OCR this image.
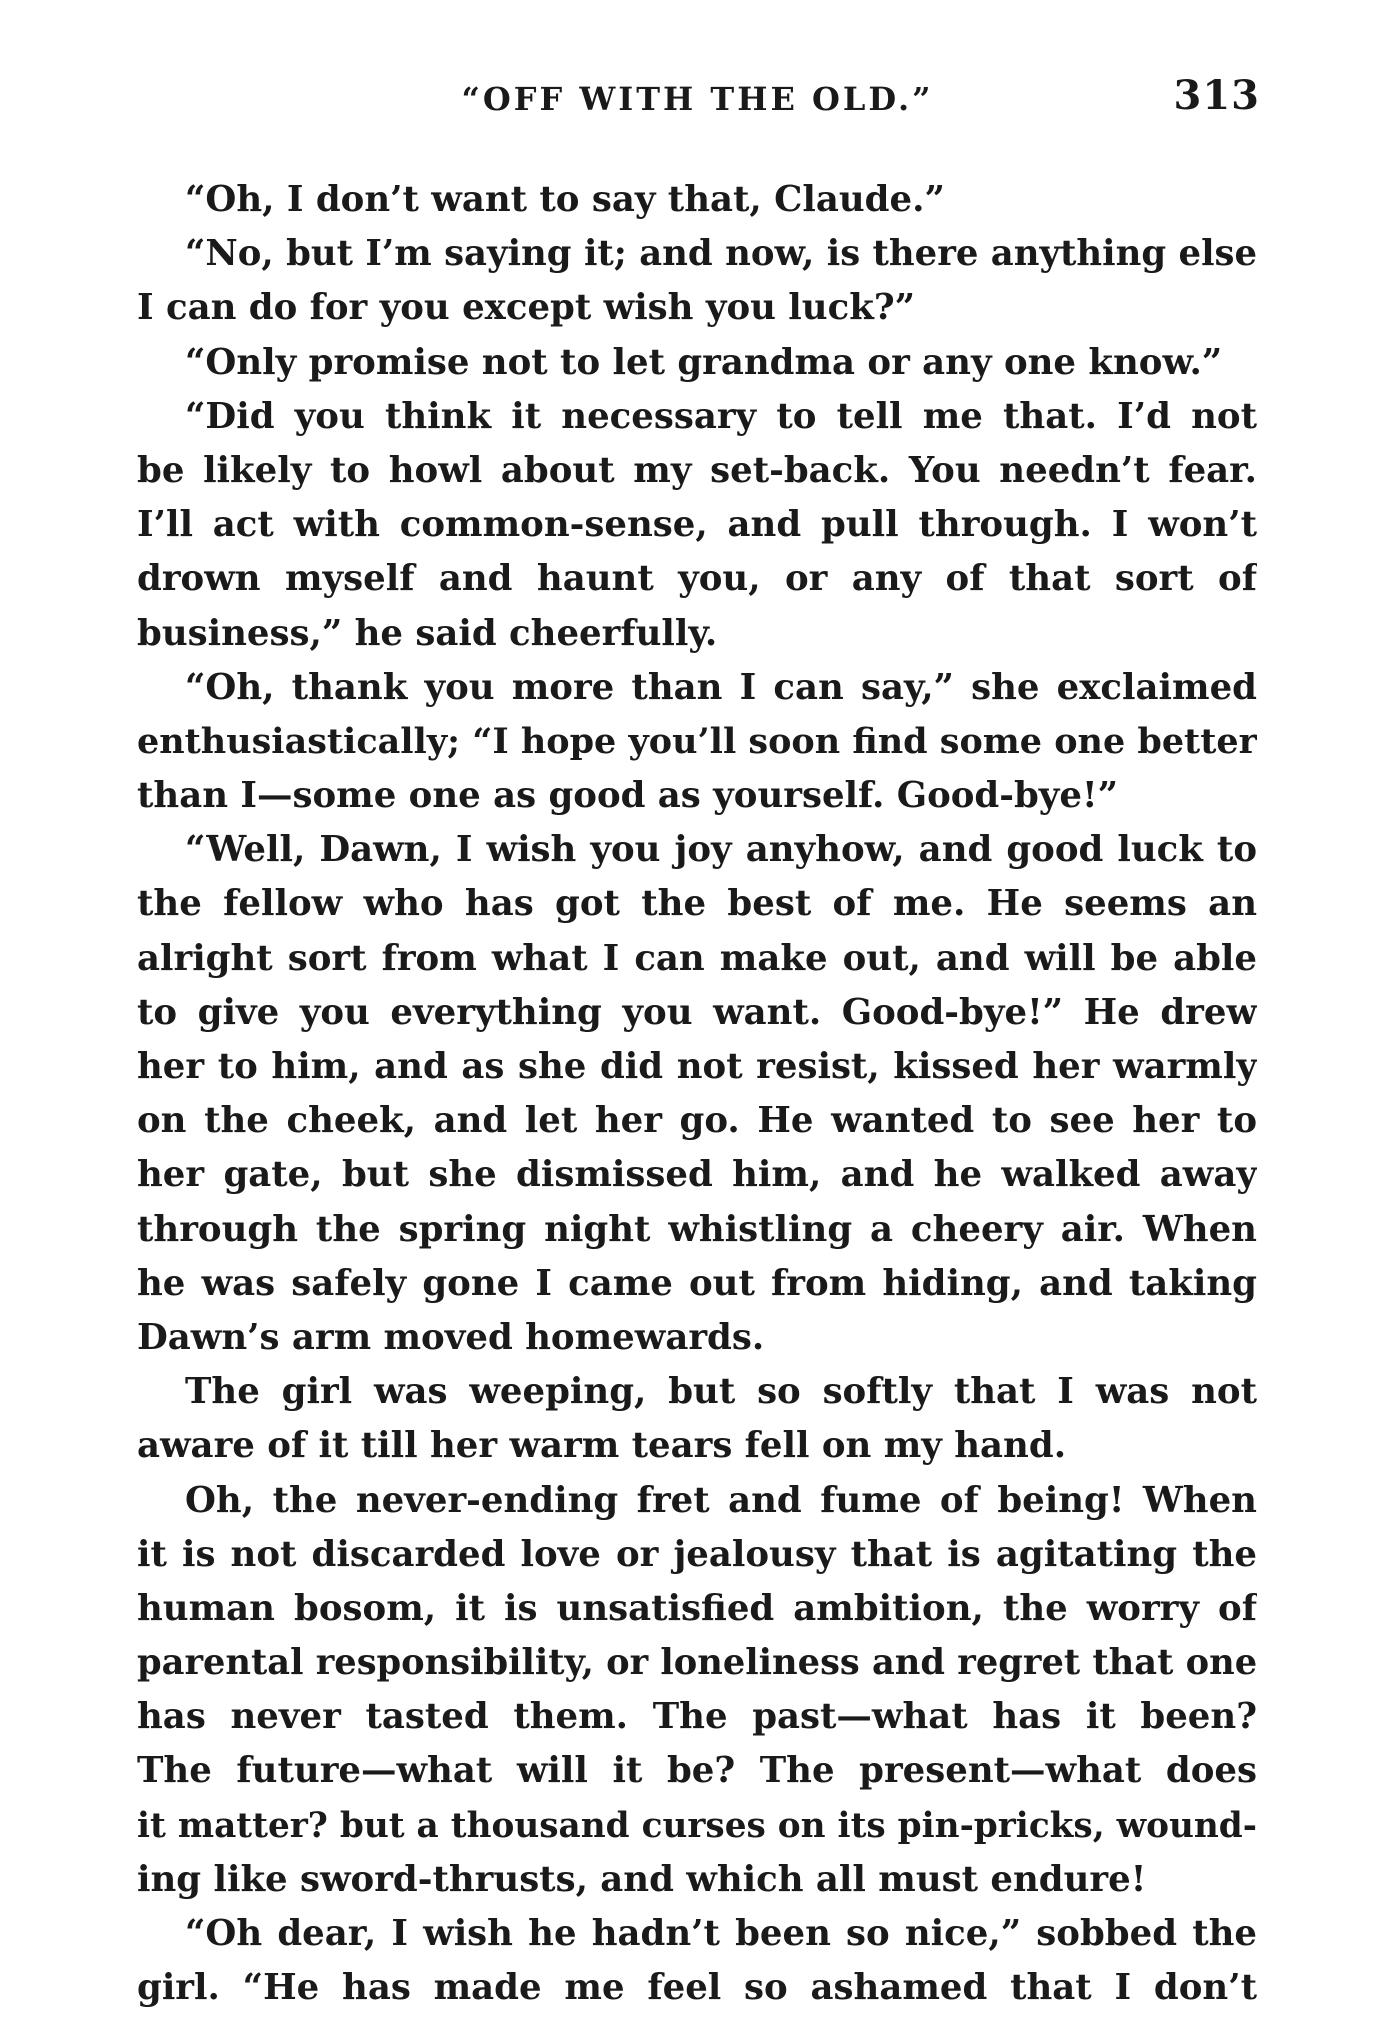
“OFF WITH THE OLD.”	313
“Oh, I don’t want to say that, Claude.”
“No, but I’m saying it; and now, is there anything else
I can do for you except wish you luck?”
“Only promise not to let grandma or any one know.”
“Did you think it necessary to tell me that. I’d not
be likely to howl about my set-back. You needn’t fear.
I’ll act with common-sense, and pull through. I won’t
drown myself and haunt you, or any of that sort of
business,” he said cheerfully.
“Oh, thank you more than I can say,” she exclaimed
enthusiastically; “I hope you’ll soon find some one better
than I—some one as good as yourself. Good-bye!”
“Well, Dawn, I wish you joy anyhow, and good luck to
the fellow who has got the best of me. He seems an
alright sort from what I can make out, and will be able
to give you everything you want. Good-bye!” He drew
her to him, and as she did not resist, kissed her warmly
on the cheek, and let her go. He wanted to see her to
her gate, but she dismissed him, and he walked away
through the spring night whistling a cheery air. When
he was safely gone I came out from hiding, and taking
Dawn’s arm moved homewards.
The girl was weeping, but so softly that I was not
aware of it till her warm tears fell on my hand.
Oh, the never-ending fret and fume of being! When
it is not discarded love or jealousy that is agitating the
human bosom, it is unsatisfied ambition, the worry of
parental responsibility, or loneliness and regret that one
has never tasted them. The past—what has it been?
The future—what will it be? The present—what does
it matter? but a thousand curses on its pin-pricks, wound-
ing like sword-thrusts, and which all must endure!
“Oh dear, I wish he hadn’t been so nice,” sobbed the
girl. “He has made me feel so ashamed that I don’t
